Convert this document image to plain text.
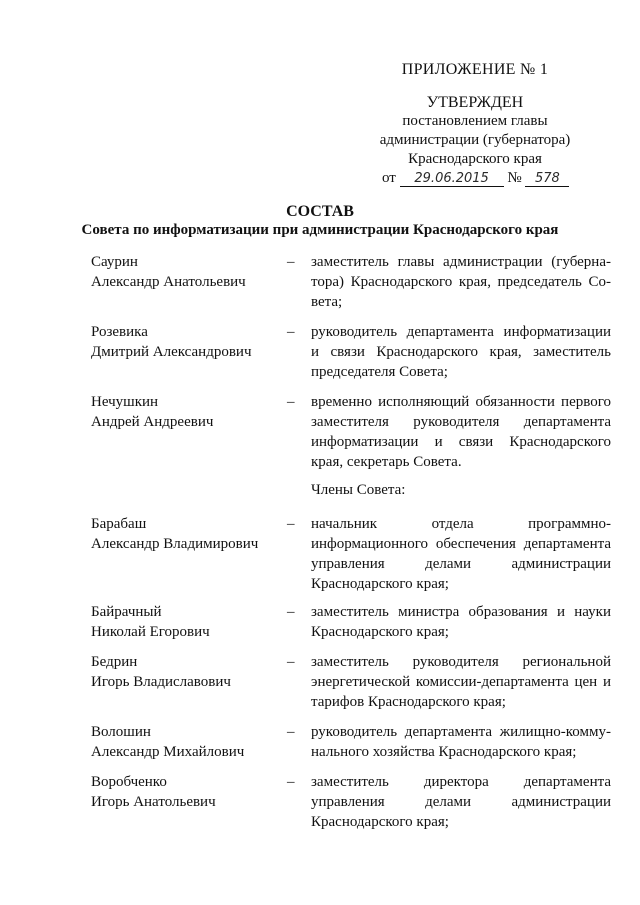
ПРИЛОЖЕНИЕ № 1
УТВЕРЖДЕН
постановлением главы
администрации (губернатора)
Краснодарского края
от 29.06.2015 № 578
СОСТАВ
Совета по информатизации при администрации Краснодарского края
Саурин
Александр Анатольевич
– заместитель главы администрации (губерна-
тора) Краснодарского края, председатель Со-
вета;
Розевика
Дмитрий Александрович
– руководитель департамента информатизации
и связи Краснодарского края, заместитель
председателя Совета;
Нечушкин
Андрей Андреевич
– временно исполняющий обязанности первого
заместителя руководителя департамента
информатизации и связи Краснодарского
края, секретарь Совета.
Члены Совета:
Барабаш
Александр Владимирович
– начальник отдела программно-
информационного обеспечения департамента
управления делами администрации
Краснодарского края;
Байрачный
Николай Егорович
– заместитель министра образования и науки
Краснодарского края;
Бедрин
Игорь Владиславович
– заместитель руководителя региональной
энергетической комиссии-департамента цен и
тарифов Краснодарского края;
Волошин
Александр Михайлович
– руководитель департамента жилищно-комму-
нального хозяйства Краснодарского края;
Воробченко
Игорь Анатольевич
– заместитель директора департамента
управления делами администрации
Краснодарского края;
